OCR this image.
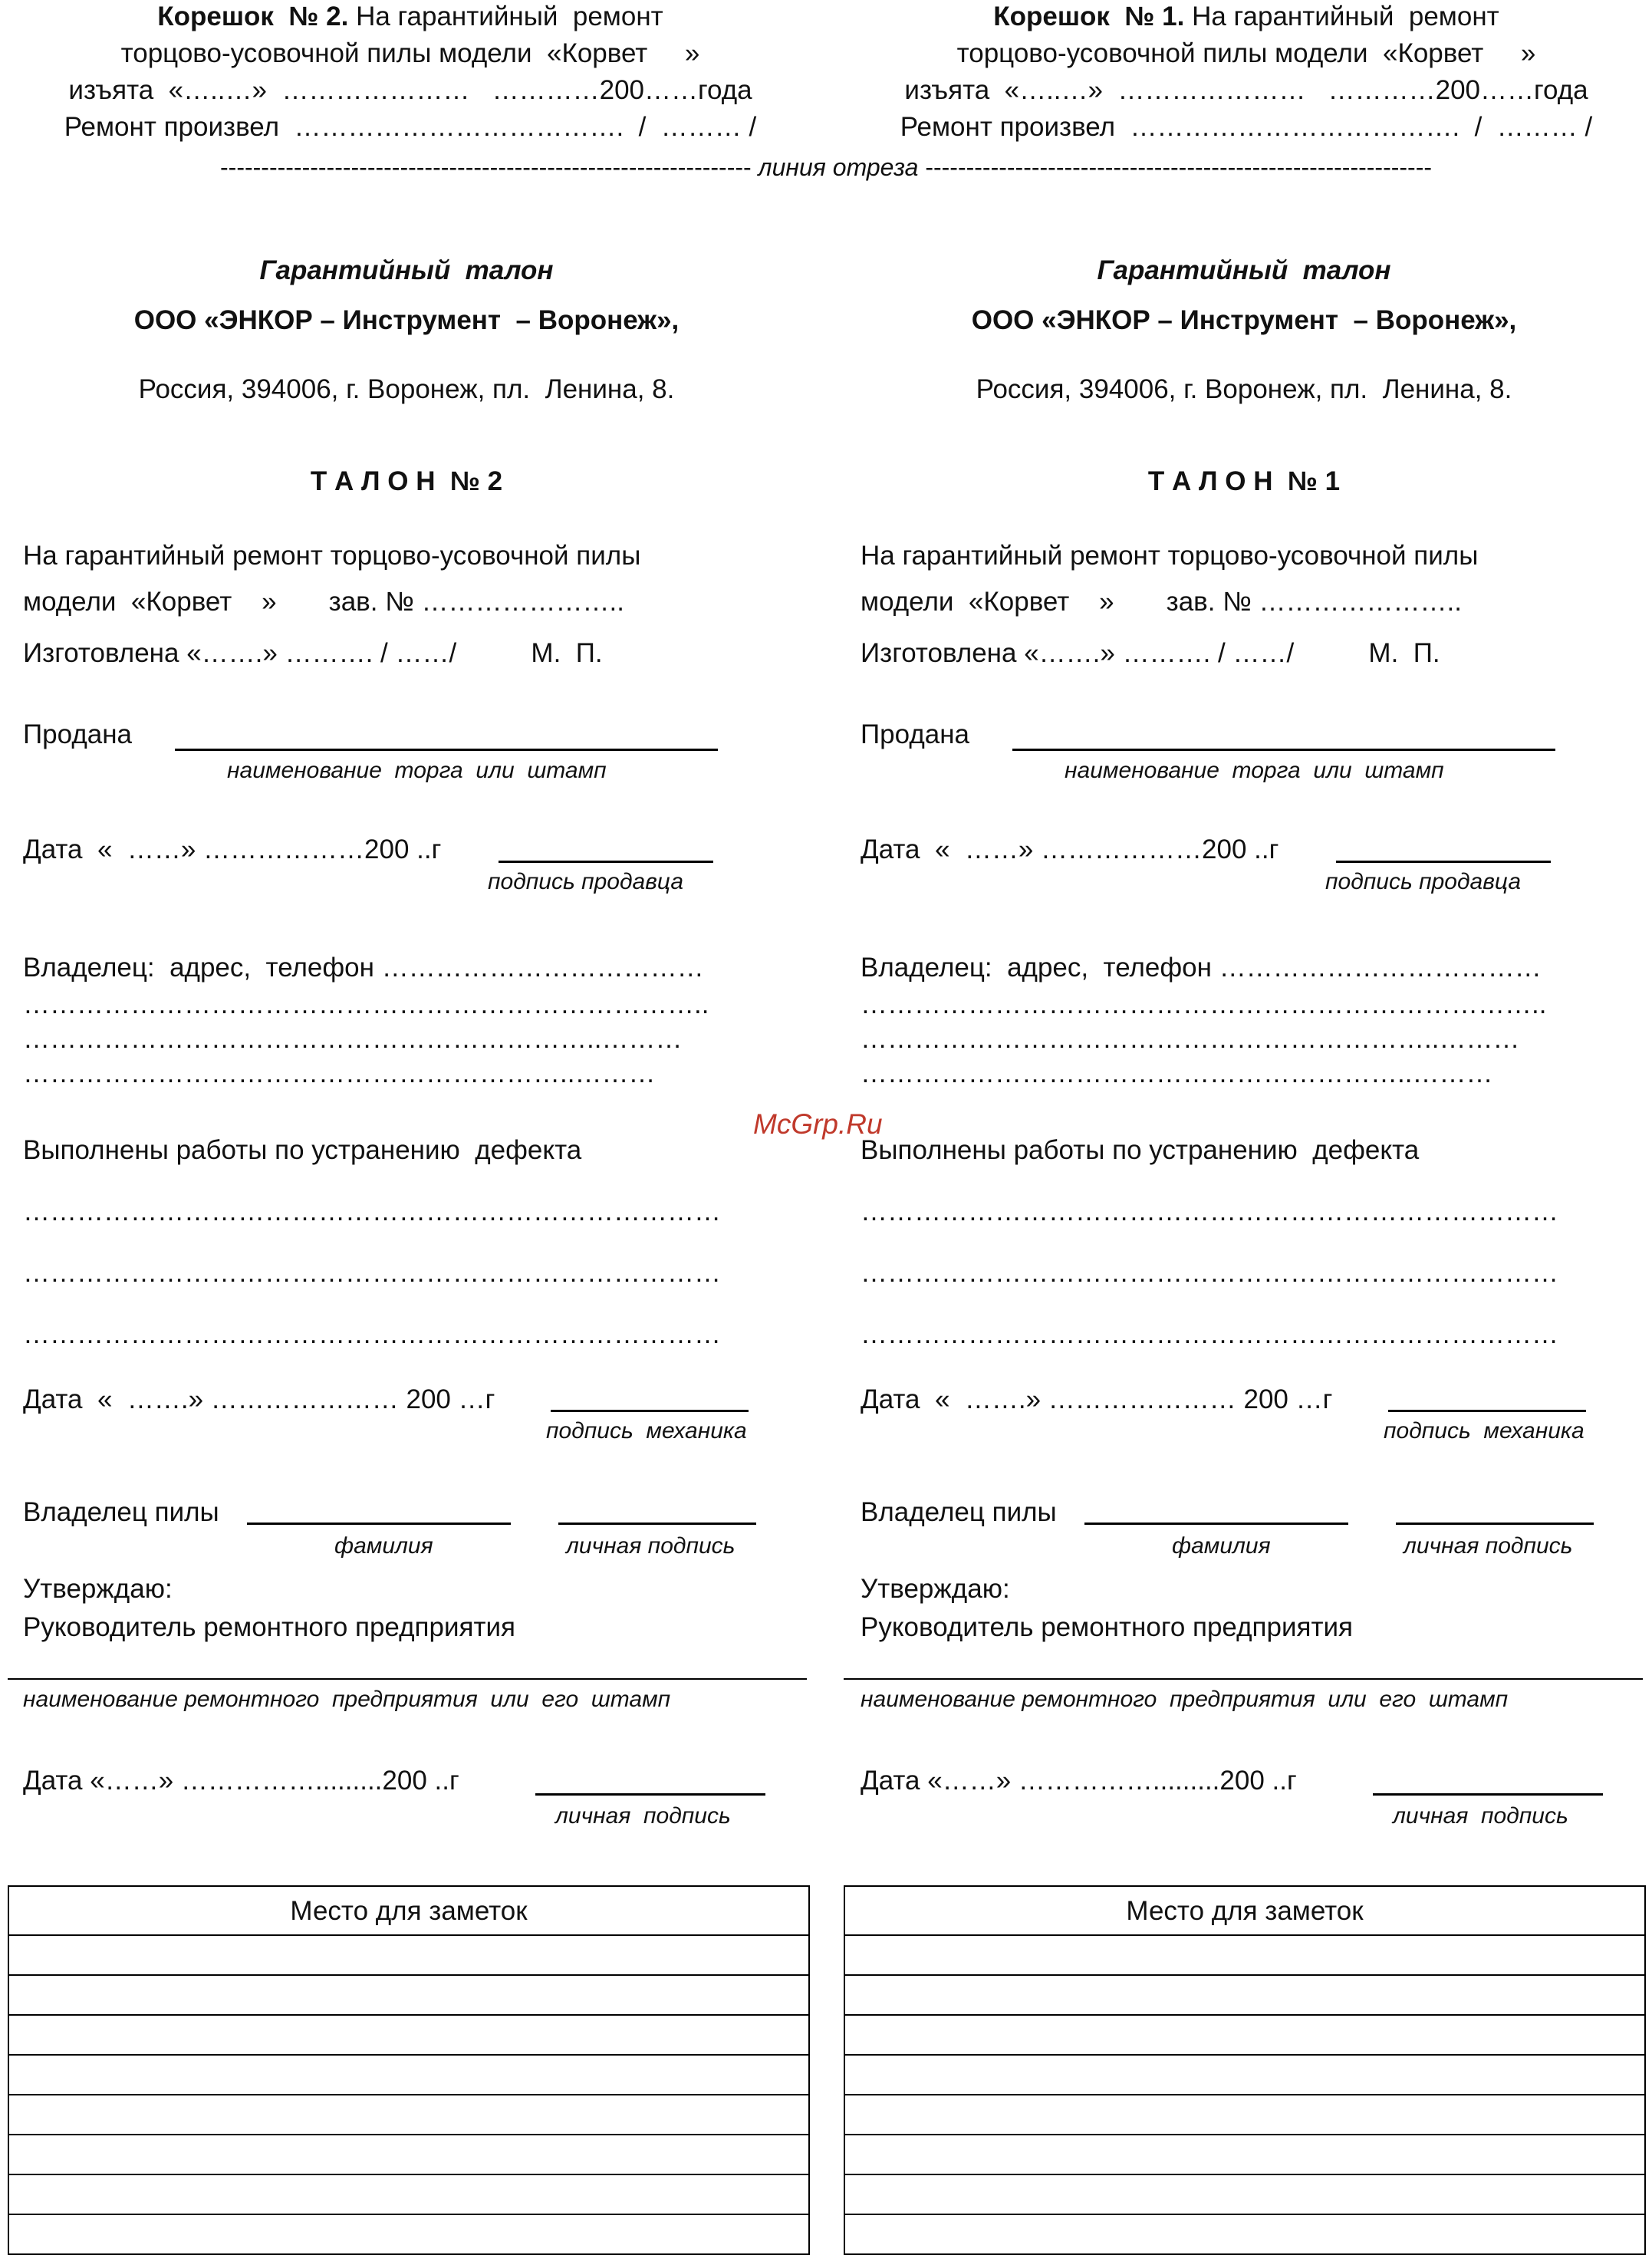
Корешок  № 2. На гарантийный  ремонт
торцово-усовочной пилы модели  «Корвет     »
изъята  «…..…»  …………………   …………200……года
Ремонт произвел  ……………………………….  /  ……… /
Корешок  № 1. На гарантийный  ремонт
торцово-усовочной пилы модели  «Корвет     »
изъята  «…..…»  …………………   …………200……года
Ремонт произвел  ……………………………….  /  ……… /
----------------------------------------------------------------- линия отреза --------------------------------------------------------------
Гарантийный  талон
ООО «ЭНКОР – Инструмент  – Воронеж»,
Россия, 394006, г. Воронеж, пл.  Ленина, 8.
Т А Л О Н  № 2
На гарантийный ремонт торцово-усовочной пилы
модели  «Корвет    »       зав. № …………………..
Изготовлена «…….» ………. / ……/          М.  П.
Продана
наименование  торга  или  штамп
Дата  «  ……» ………………200 ..г
подпись продавца
Владелец:  адрес,  телефон ………………………………
…………………………………………………………………..
………………………………………………………..………
……………………………………………………..………
Выполнены работы по устранению  дефекта
……………………………………………………………………
……………………………………………………………………
……………………………………………………………………
Дата  «  …….» ………………… 200 …г
подпись  механика
Владелец пилы
фамилия	личная подпись
Утверждаю:
Руководитель ремонтного предприятия
наименование ремонтного  предприятия  или  его  штамп
Дата «……» …………….........200 ..г
личная  подпись
Место для заметок
Гарантийный  талон
ООО «ЭНКОР – Инструмент  – Воронеж»,
Россия, 394006, г. Воронеж, пл.  Ленина, 8.
Т А Л О Н  № 1
На гарантийный ремонт торцово-усовочной пилы
модели  «Корвет    »       зав. № …………………..
Изготовлена «…….» ………. / ……/          М.  П.
Продана
наименование  торга  или  штамп
Дата  «  ……» ………………200 ..г
подпись продавца
Владелец:  адрес,  телефон ………………………………
…………………………………………………………………..
………………………………………………………..………
……………………………………………………..………
Выполнены работы по устранению  дефекта
……………………………………………………………………
……………………………………………………………………
……………………………………………………………………
Дата  «  …….» ………………… 200 …г
подпись  механика
Владелец пилы
фамилия	личная подпись
Утверждаю:
Руководитель ремонтного предприятия
наименование ремонтного  предприятия  или  его  штамп
Дата «……» …………….........200 ..г
личная  подпись
Место для заметок
McGrp.Ru
